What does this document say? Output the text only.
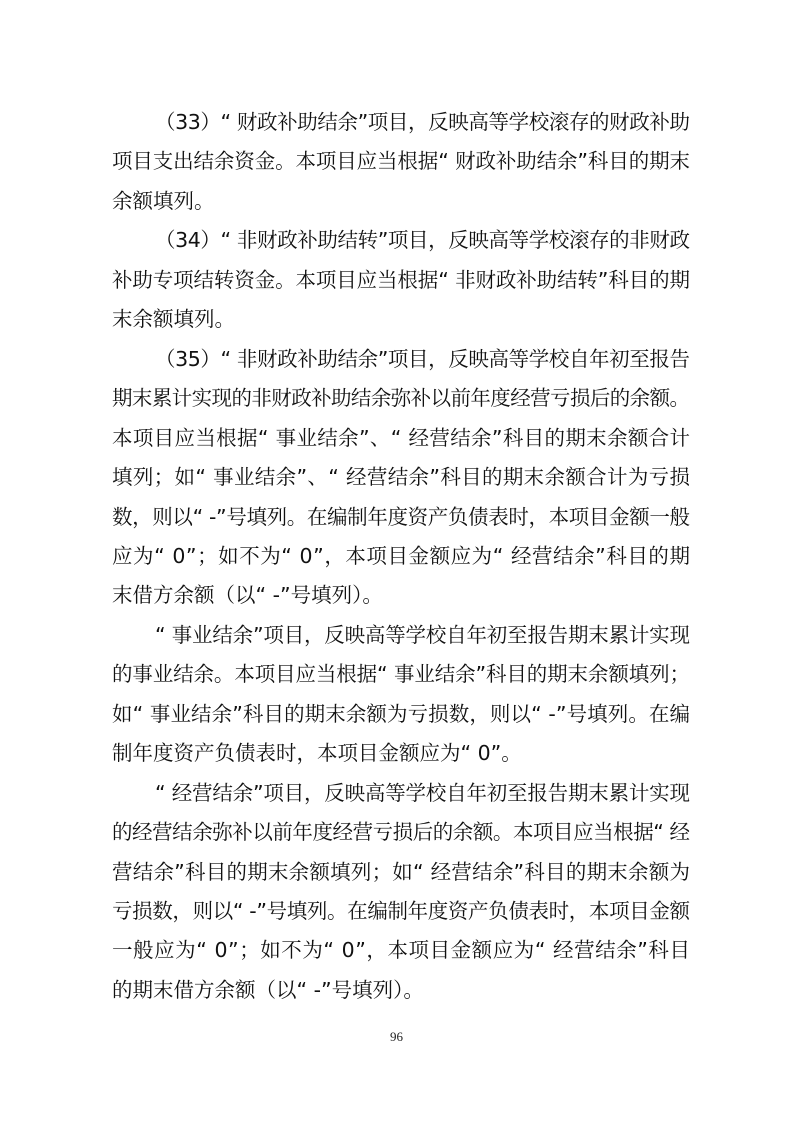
（33）“ 财政补助结余”项目，反映高等学校滚存的财政补助
项目支出结余资金。本项目应当根据“ 财政补助结余”科目的期末
余额填列。
（34）“ 非财政补助结转”项目，反映高等学校滚存的非财政
补助专项结转资金。本项目应当根据“ 非财政补助结转”科目的期
末余额填列。
（35）“ 非财政补助结余”项目，反映高等学校自年初至报告
期末累计实现的非财政补助结余弥补以前年度经营亏损后的余额。
本项目应当根据“ 事业结余”、“ 经营结余”科目的期末余额合计
填列；如“ 事业结余”、“ 经营结余”科目的期末余额合计为亏损
数，则以“ -”号填列。在编制年度资产负债表时，本项目金额一般
应为“ 0”；如不为“ 0”，本项目金额应为“ 经营结余”科目的期
末借方余额（以“ -”号填列）。
“ 事业结余”项目，反映高等学校自年初至报告期末累计实现
的事业结余。本项目应当根据“ 事业结余”科目的期末余额填列；
如“ 事业结余”科目的期末余额为亏损数，则以“ -”号填列。在编
制年度资产负债表时，本项目金额应为“ 0”。
“ 经营结余”项目，反映高等学校自年初至报告期末累计实现
的经营结余弥补以前年度经营亏损后的余额。本项目应当根据“ 经
营结余”科目的期末余额填列；如“ 经营结余”科目的期末余额为
亏损数，则以“ -”号填列。在编制年度资产负债表时，本项目金额
一般应为“ 0”；如不为“ 0”，本项目金额应为“ 经营结余”科目
的期末借方余额（以“ -”号填列）。
96
